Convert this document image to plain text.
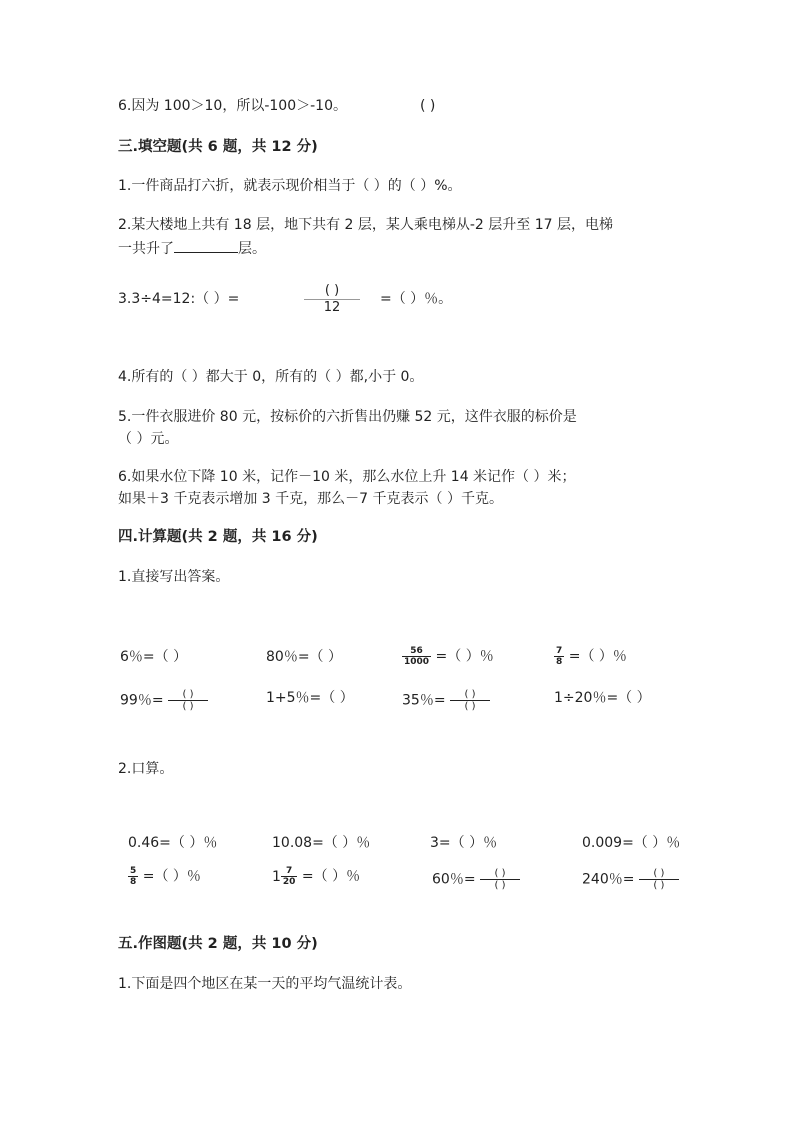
6.因为 100＞10，所以-100＞-10。	( )
三.填空题(共 6 题，共 12 分)
1.一件商品打六折，就表示现价相当于（ ）的（ ）%。
2.某大楼地上共有 18 层，地下共有 2 层，某人乘电梯从-2 层升至 17 层，电梯
一共升了	层。
3.3÷4=12:（ ）=
( )
12
=（ ）％。
4.所有的（ ）都大于 0，所有的（ ）都,小于 0。
5.一件衣服进价 80 元，按标价的六折售出仍赚 52 元，这件衣服的标价是
（ ）元。
6.如果水位下降 10 米，记作－10 米，那么水位上升 14 米记作（ ）米；
如果＋3 千克表示增加 3 千克，那么－7 千克表示（ ）千克。
四.计算题(共 2 题，共 16 分)
1.直接写出答案。
6％=（ ）	80％=（ ）	$\frac{56}{1000}$ =（ ）％	$\frac{7}{8}$ =（ ）％
99％= $\frac{( )}{( )}$	1+5％=（ ）	35％= $\frac{( )}{( )}$	1÷20％=（ ）
2.口算。
0.46=（ ）％	10.08=（ ）％	3=（ ）％	0.009=（ ）％
$\frac{5}{8}$ =（ ）％	$1 \frac{7}{20}$ =（ ）％	60％= $\frac{( )}{( )}$	240％= $\frac{( )}{( )}$
五.作图题(共 2 题，共 10 分)
1.下面是四个地区在某一天的平均气温统计表。
